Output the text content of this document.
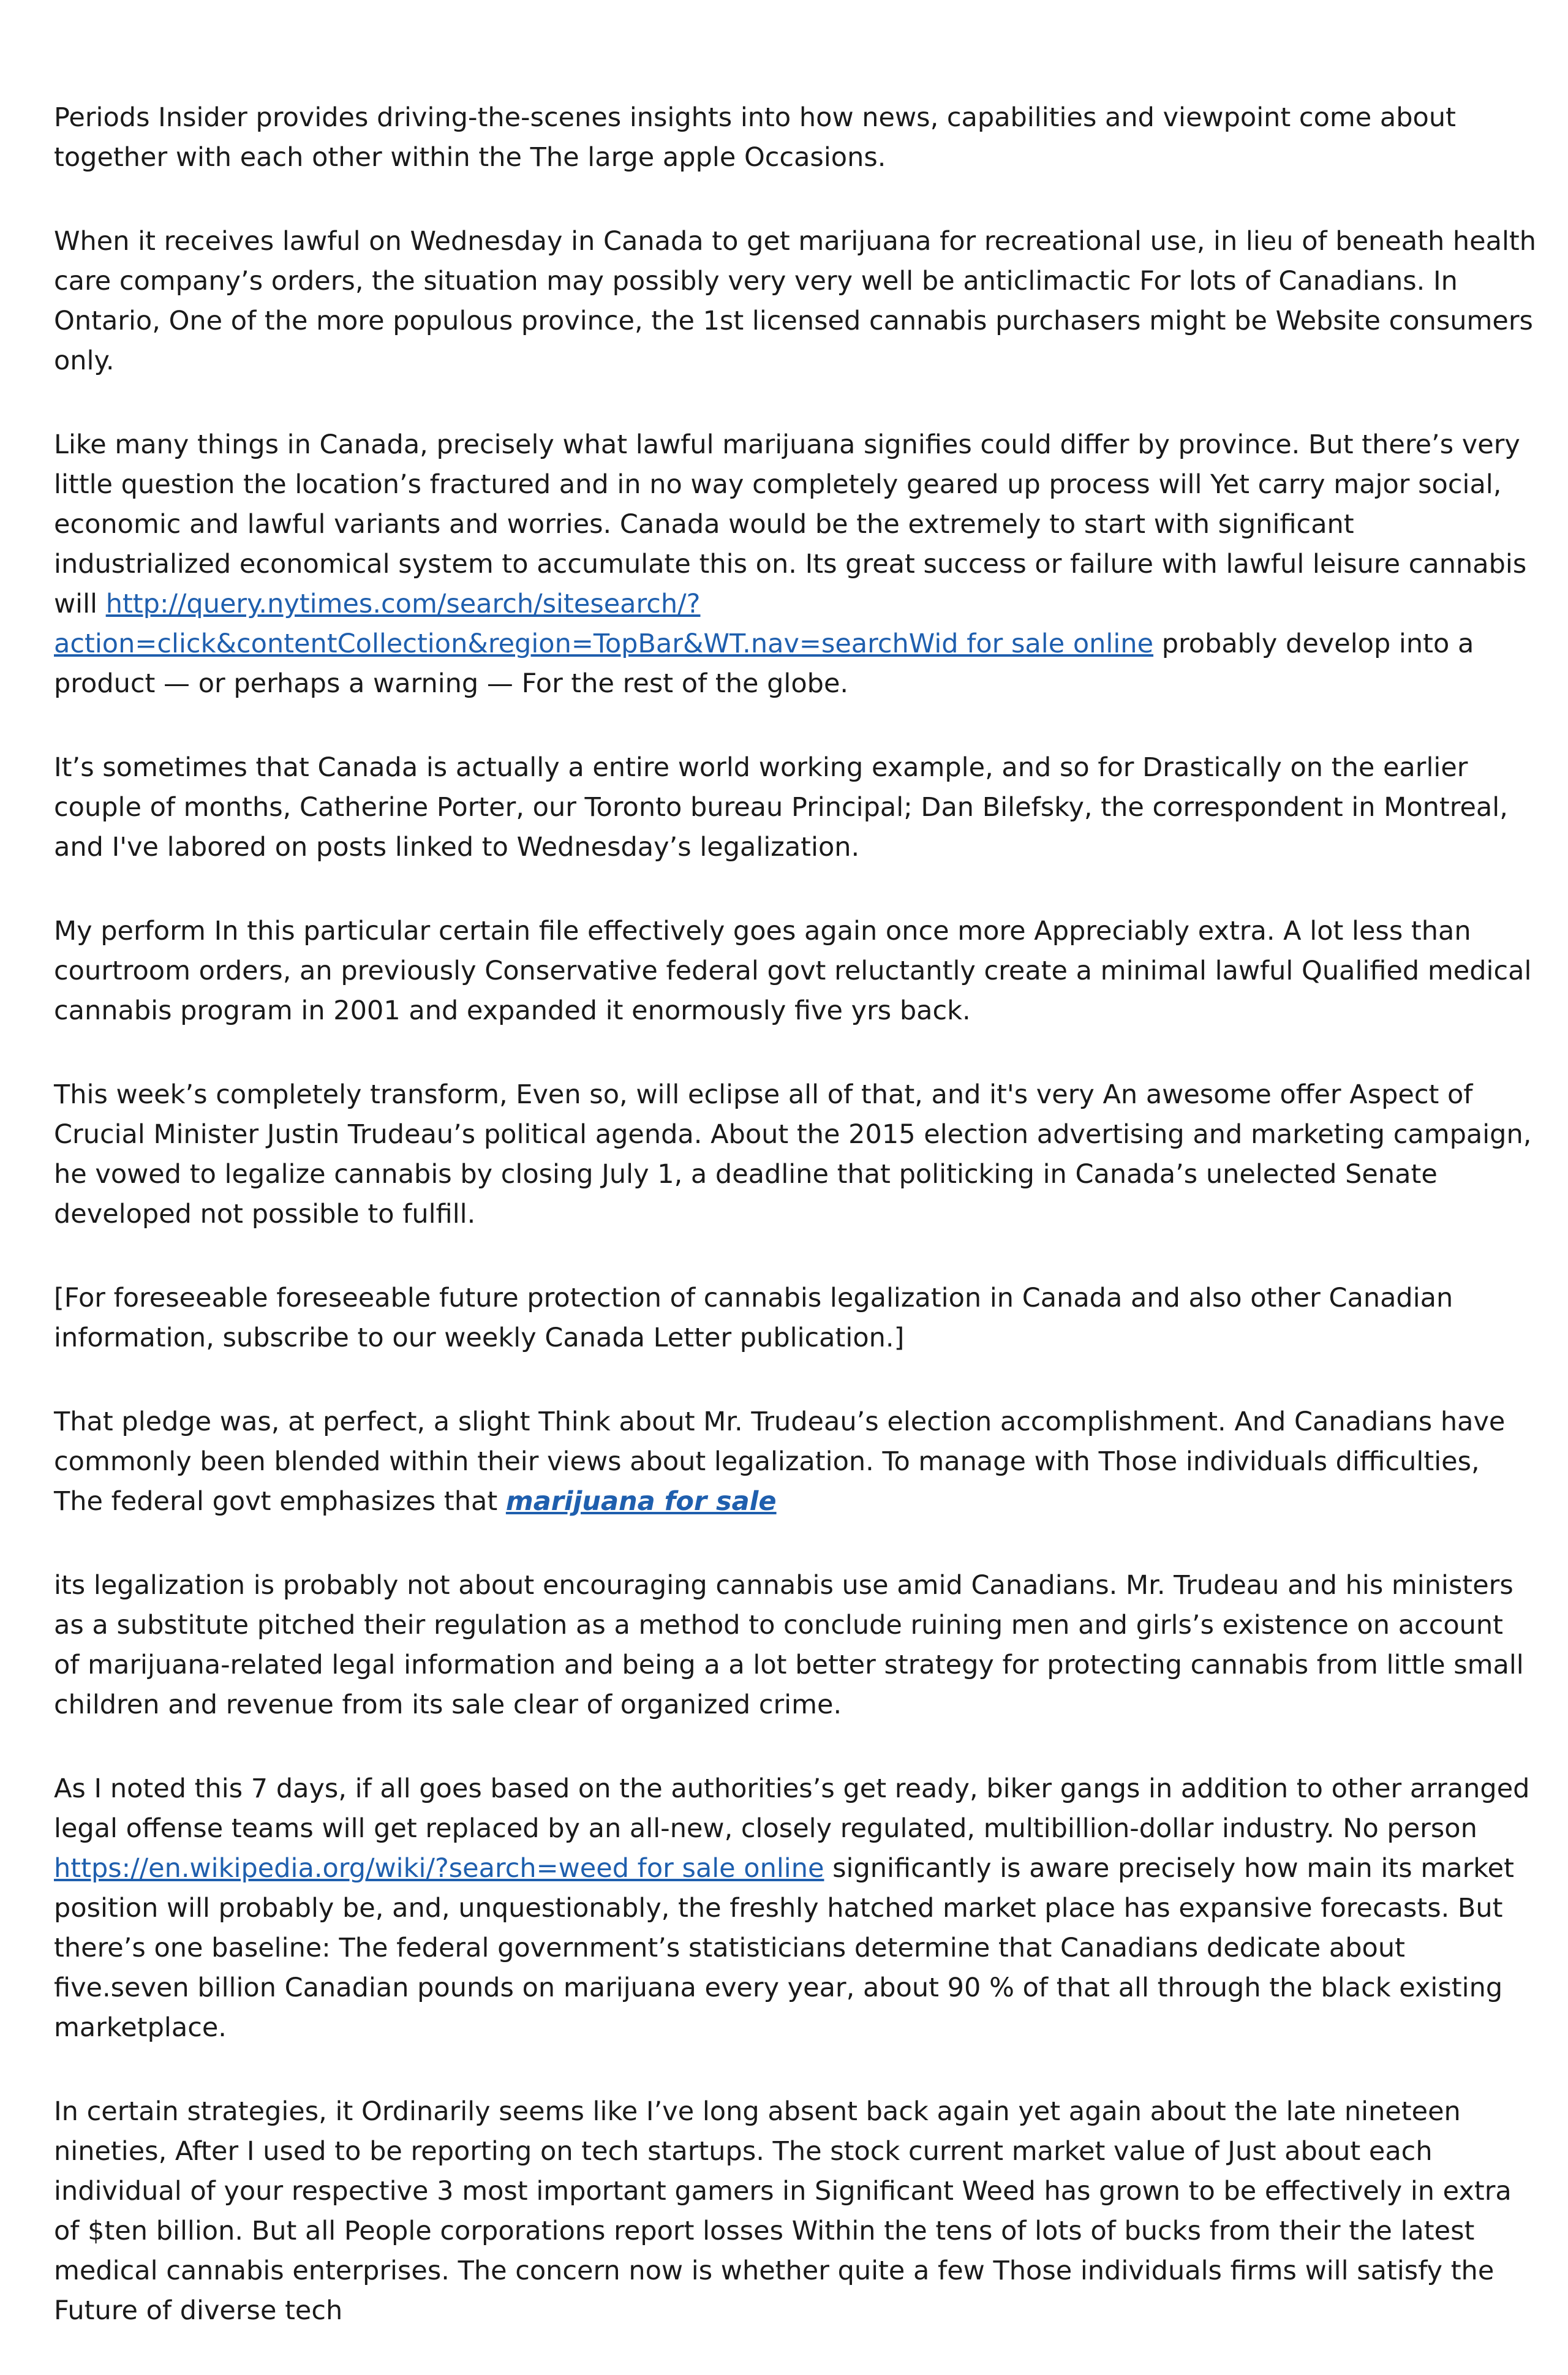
Periods Insider provides driving-the-scenes insights into how news, capabilities and viewpoint come about together with each other within the The large apple Occasions.

When it receives lawful on Wednesday in Canada to get marijuana for recreational use, in lieu of beneath health care company’s orders, the situation may possibly very very well be anticlimactic For lots of Canadians. In Ontario, One of the more populous province, the 1st licensed cannabis purchasers might be Website consumers only.

Like many things in Canada, precisely what lawful marijuana signifies could differ by province. But there’s very little question the location’s fractured and in no way completely geared up process will Yet carry major social, economic and lawful variants and worries. Canada would be the extremely to start with significant industrialized economical system to accumulate this on. Its great success or failure with lawful leisure cannabis will http://query.nytimes.com/search/sitesearch/?action=click&contentCollection&region=TopBar&WT.nav=searchWid for sale online probably develop into a product — or perhaps a warning — For the rest of the globe.

It’s sometimes that Canada is actually a entire world working example, and so for Drastically on the earlier couple of months, Catherine Porter, our Toronto bureau Principal; Dan Bilefsky, the correspondent in Montreal, and I've labored on posts linked to Wednesday’s legalization.

My perform In this particular certain file effectively goes again once more Appreciably extra. A lot less than courtroom orders, an previously Conservative federal govt reluctantly create a minimal lawful Qualified medical cannabis program in 2001 and expanded it enormously five yrs back.

This week’s completely transform, Even so, will eclipse all of that, and it's very An awesome offer Aspect of Crucial Minister Justin Trudeau’s political agenda. About the 2015 election advertising and marketing campaign, he vowed to legalize cannabis by closing July 1, a deadline that politicking in Canada’s unelected Senate developed not possible to fulfill.

[For foreseeable foreseeable future protection of cannabis legalization in Canada and also other Canadian information, subscribe to our weekly Canada Letter publication.]

That pledge was, at perfect, a slight Think about Mr. Trudeau’s election accomplishment. And Canadians have commonly been blended within their views about legalization. To manage with Those individuals difficulties, The federal govt emphasizes that marijuana for sale

its legalization is probably not about encouraging cannabis use amid Canadians. Mr. Trudeau and his ministers as a substitute pitched their regulation as a method to conclude ruining men and girls’s existence on account of marijuana-related legal information and being a a lot better strategy for protecting cannabis from little small children and revenue from its sale clear of organized crime.

As I noted this 7 days, if all goes based on the authorities’s get ready, biker gangs in addition to other arranged legal offense teams will get replaced by an all-new, closely regulated, multibillion-dollar industry. No person https://en.wikipedia.org/wiki/?search=weed for sale online significantly is aware precisely how main its market position will probably be, and, unquestionably, the freshly hatched market place has expansive forecasts. But there’s one baseline: The federal government’s statisticians determine that Canadians dedicate about five.seven billion Canadian pounds on marijuana every year, about 90 % of that all through the black existing marketplace.

In certain strategies, it Ordinarily seems like I’ve long absent back again yet again about the late nineteen nineties, After I used to be reporting on tech startups. The stock current market value of Just about each individual of your respective 3 most important gamers in Significant Weed has grown to be effectively in extra of $ten billion. But all People corporations report losses Within the tens of lots of bucks from their the latest medical cannabis enterprises. The concern now is whether quite a few Those individuals firms will satisfy the Future of diverse tech
